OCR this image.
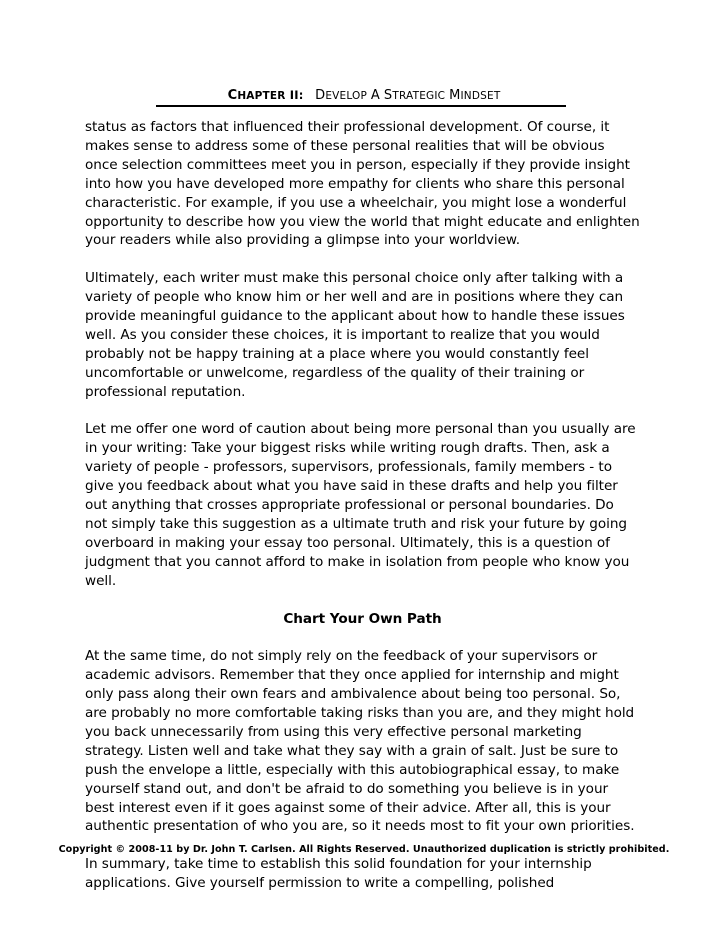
CHAPTER II: DEVELOP A STRATEGIC MINDSET

status as factors that influenced their professional development. Of course, it makes sense to address some of these personal realities that will be obvious once selection committees meet you in person, especially if they provide insight into how you have developed more empathy for clients who share this personal characteristic. For example, if you use a wheelchair, you might lose a wonderful opportunity to describe how you view the world that might educate and enlighten your readers while also providing a glimpse into your worldview.

Ultimately, each writer must make this personal choice only after talking with a variety of people who know him or her well and are in positions where they can provide meaningful guidance to the applicant about how to handle these issues well. As you consider these choices, it is important to realize that you would probably not be happy training at a place where you would constantly feel uncomfortable or unwelcome, regardless of the quality of their training or professional reputation.

Let me offer one word of caution about being more personal than you usually are in your writing: Take your biggest risks while writing rough drafts. Then, ask a variety of people - professors, supervisors, professionals, family members - to give you feedback about what you have said in these drafts and help you filter out anything that crosses appropriate professional or personal boundaries. Do not simply take this suggestion as a ultimate truth and risk your future by going overboard in making your essay too personal. Ultimately, this is a question of judgment that you cannot afford to make in isolation from people who know you well.

Chart Your Own Path

At the same time, do not simply rely on the feedback of your supervisors or academic advisors. Remember that they once applied for internship and might only pass along their own fears and ambivalence about being too personal. So, are probably no more comfortable taking risks than you are, and they might hold you back unnecessarily from using this very effective personal marketing strategy. Listen well and take what they say with a grain of salt. Just be sure to push the envelope a little, especially with this autobiographical essay, to make yourself stand out, and don't be afraid to do something you believe is in your best interest even if it goes against some of their advice. After all, this is your authentic presentation of who you are, so it needs most to fit your own priorities.

In summary, take time to establish this solid foundation for your internship applications. Give yourself permission to write a compelling, polished

Copyright © 2008-11 by Dr. John T. Carlsen. All Rights Reserved. Unauthorized duplication is strictly prohibited.
